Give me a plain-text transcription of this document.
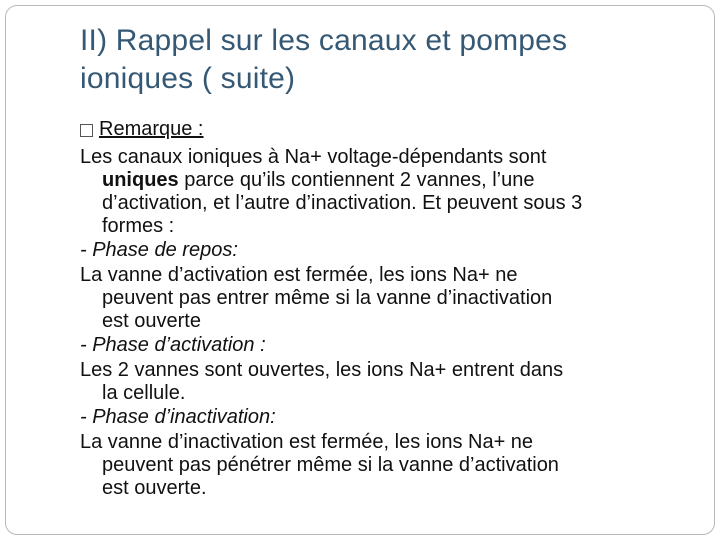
II) Rappel sur les canaux et pompes
ioniques ( suite)
Remarque :
Les canaux ioniques à Na+ voltage-dépendants sont
uniques parce qu’ils contiennent 2 vannes, l’une
d’activation, et l’autre d’inactivation. Et peuvent sous 3
formes :
- Phase de repos:
La vanne d’activation est fermée, les ions Na+ ne
peuvent pas entrer même si la vanne d’inactivation
est ouverte
- Phase d’activation :
Les 2 vannes sont ouvertes, les ions Na+ entrent dans
la cellule.
- Phase d’inactivation:
La vanne d’inactivation est fermée, les ions Na+ ne
peuvent pas pénétrer même si la vanne d’activation
est ouverte.
